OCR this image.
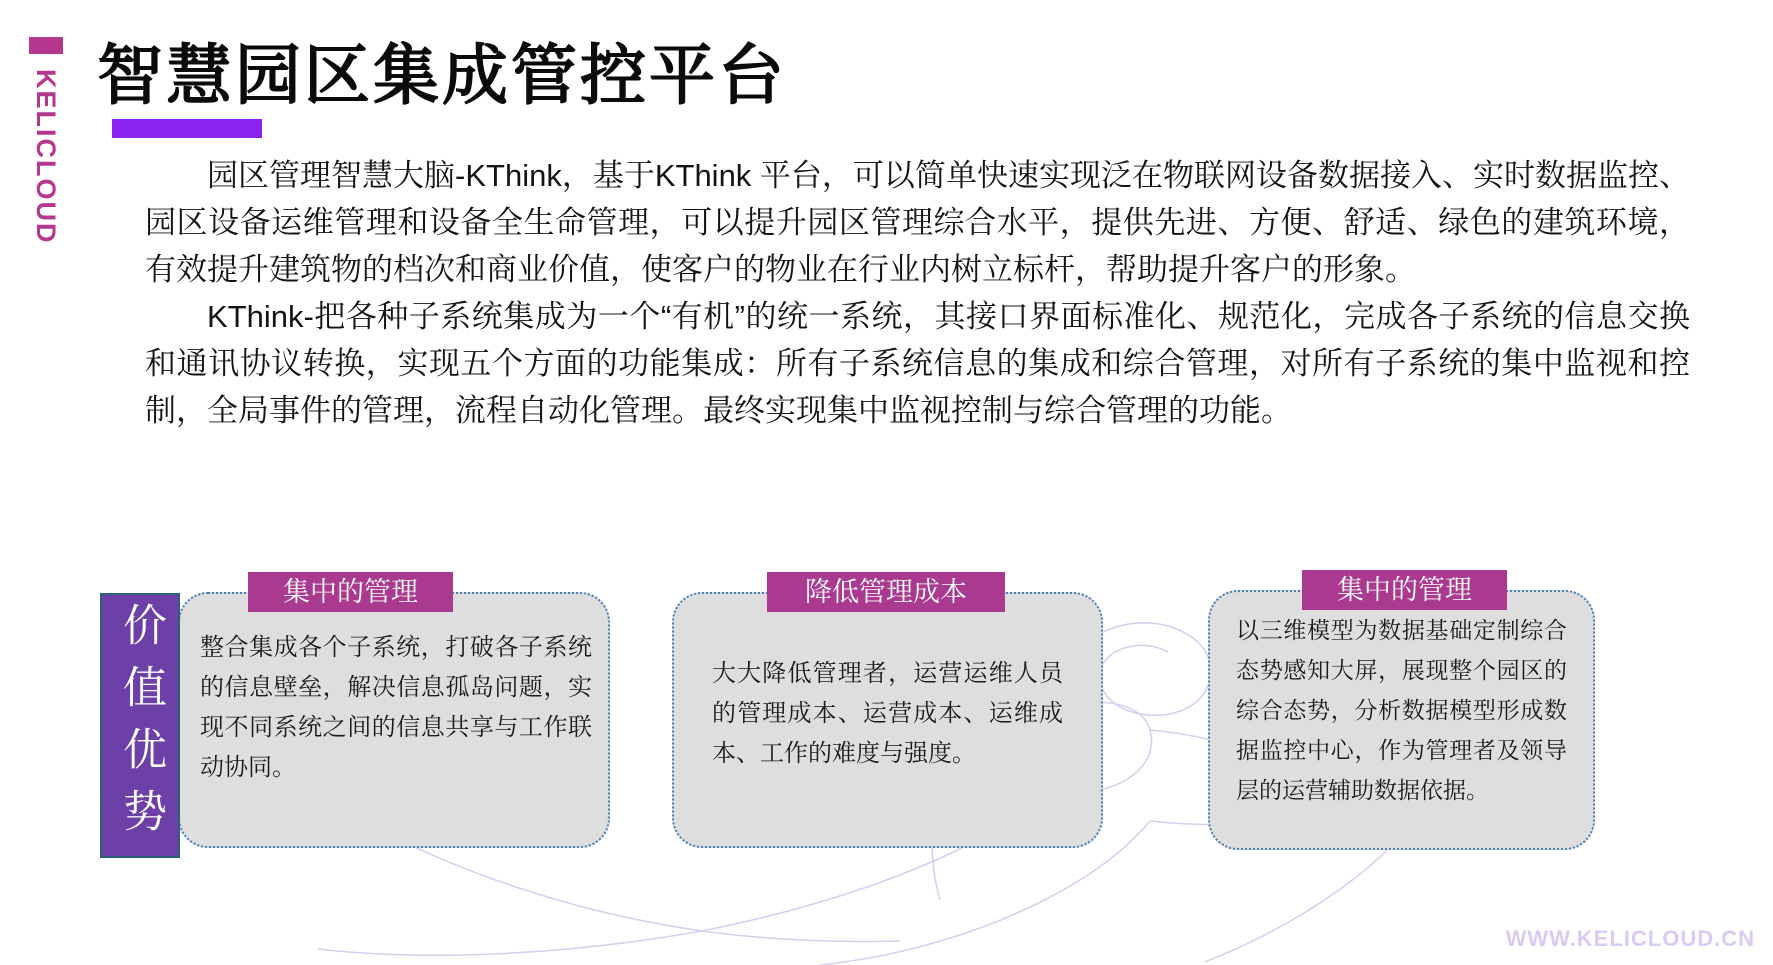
KELICLOUD 智慧园区集成管控平台

园区管理智慧大脑-KThink，基于KThink 平台，可以简单快速实现泛在物联网设备数据接入、实时数据监控、园区设备运维管理和设备全生命管理，可以提升园区管理综合水平，提供先进、方便、舒适、绿色的建筑环境，有效提升建筑物的档次和商业价值，使客户的物业在行业内树立标杆，帮助提升客户的形象。

KThink-把各种子系统集成为一个“有机”的统一系统，其接口界面标准化、规范化，完成各子系统的信息交换和通讯协议转换，实现五个方面的功能集成：所有子系统信息的集成和综合管理，对所有子系统的集中监视和控制，全局事件的管理，流程自动化管理。最终实现集中监视控制与综合管理的功能。

价值优势
集中的管理
整合集成各个子系统，打破各子系统的信息壁垒，解决信息孤岛问题，实现不同系统之间的信息共享与工作联动协同。
降低管理成本
大大降低管理者，运营运维人员的管理成本、运营成本、运维成本、工作的难度与强度。
集中的管理
以三维模型为数据基础定制综合态势感知大屏，展现整个园区的综合态势，分析数据模型形成数据监控中心，作为管理者及领导层的运营辅助数据依据。
WWW.KELICLOUD.CN
